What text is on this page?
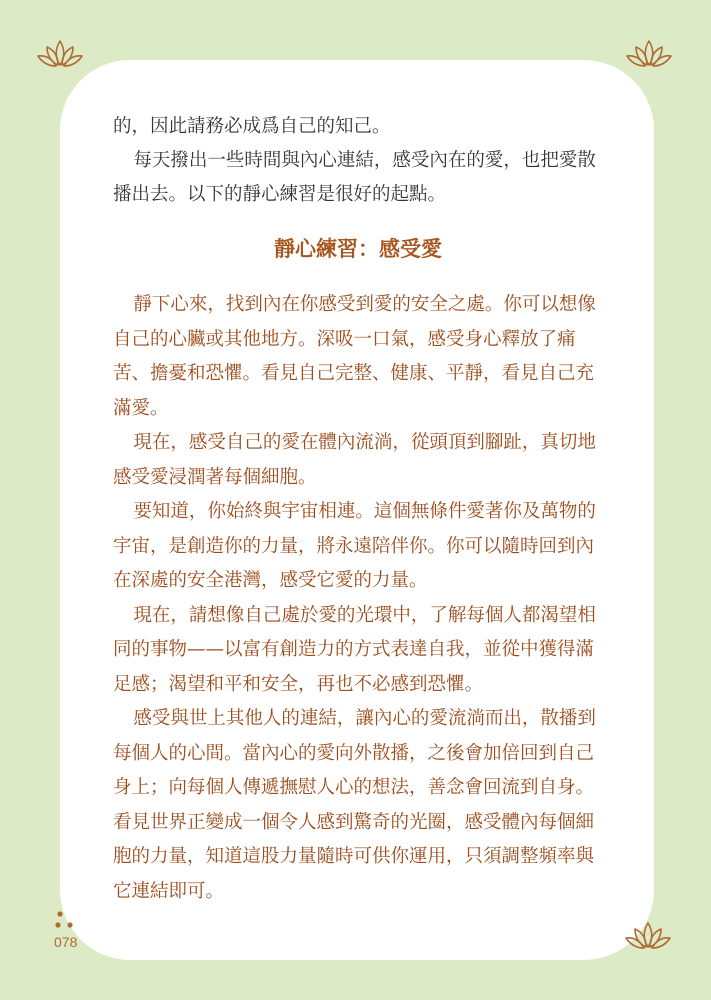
078

的，因此請務必成爲自己的知己。

每天撥出一些時間與內心連結，感受內在的愛，也把愛散播出去。以下的靜心練習是很好的起點。

靜心練習：感受愛

靜下心來，找到內在你感受到愛的安全之處。你可以想像自己的心臟或其他地方。深吸一口氣，感受身心釋放了痛苦、擔憂和恐懼。看見自己完整、健康、平靜，看見自己充滿愛。

現在，感受自己的愛在體內流淌，從頭頂到腳趾，真切地感受愛浸潤著每個細胞。

要知道，你始終與宇宙相連。這個無條件愛著你及萬物的宇宙，是創造你的力量，將永遠陪伴你。你可以隨時回到內在深處的安全港灣，感受它愛的力量。

現在，請想像自己處於愛的光環中，了解每個人都渴望相同的事物——以富有創造力的方式表達自我，並從中獲得滿足感；渴望和平和安全，再也不必感到恐懼。

感受與世上其他人的連結，讓內心的愛流淌而出，散播到每個人的心間。當內心的愛向外散播，之後會加倍回到自己身上；向每個人傳遞撫慰人心的想法，善念會回流到自身。看見世界正變成一個令人感到驚奇的光圈，感受體內每個細胞的力量，知道這股力量隨時可供你運用，只須調整頻率與它連結即可。
